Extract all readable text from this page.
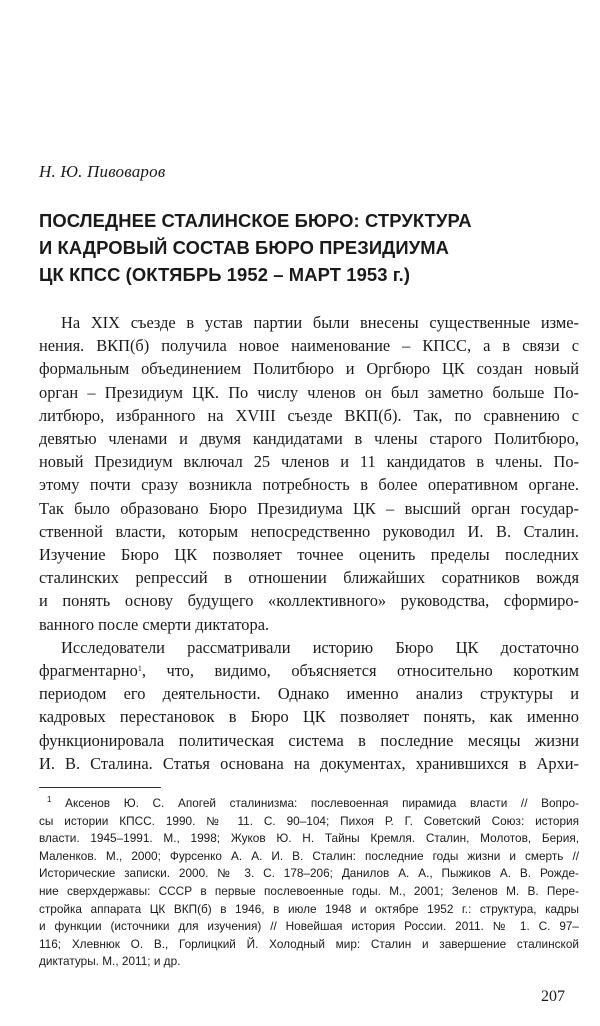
Н. Ю. Пивоваров
ПОСЛЕДНЕЕ СТАЛИНСКОЕ БЮРО: СТРУКТУРА
И КАДРОВЫЙ СОСТАВ БЮРО ПРЕЗИДИУМА
ЦК КПСС (ОКТЯБРЬ 1952 – МАРТ 1953 г.)
На XIX съезде в устав партии были внесены существенные изме-
нения. ВКП(б) получила новое наименование – КПСС, а в связи с
формальным объединением Политбюро и Оргбюро ЦК создан новый
орган – Президиум ЦК. По числу членов он был заметно больше По-
литбюро, избранного на XVIII съезде ВКП(б). Так, по сравнению с
девятью членами и двумя кандидатами в члены старого Политбюро,
новый Президиум включал 25 членов и 11 кандидатов в члены. По-
этому почти сразу возникла потребность в более оперативном органе.
Так было образовано Бюро Президиума ЦК – высший орган государ-
ственной власти, которым непосредственно руководил И. В. Сталин.
Изучение Бюро ЦК позволяет точнее оценить пределы последних
сталинских репрессий в отношении ближайших соратников вождя
и понять основу будущего «коллективного» руководства, сформиро-
ванного после смерти диктатора.
Исследователи рассматривали историю Бюро ЦК достаточно
фрагментарно$^1$, что, видимо, объясняется относительно коротким
периодом его деятельности. Однако именно анализ структуры и
кадровых перестановок в Бюро ЦК позволяет понять, как именно
функционировала политическая система в последние месяцы жизни
И. В. Сталина. Статья основана на документах, хранившихся в Архи-
$^1$ Аксенов Ю. С. Апогей сталинизма: послевоенная пирамида власти // Вопро-
сы истории КПСС. 1990. № 11. С. 90–104; Пихоя Р. Г. Советский Союз: история
власти. 1945–1991. М., 1998; Жуков Ю. Н. Тайны Кремля. Сталин, Молотов, Берия,
Маленков. М., 2000; Фурсенко А. А. И. В. Сталин: последние годы жизни и смерть //
Исторические записки. 2000. № 3. С. 178–206; Данилов А. А., Пыжиков А. В. Рожде-
ние сверхдержавы: СССР в первые послевоенные годы. М., 2001; Зеленов М. В. Пере-
стройка аппарата ЦК ВКП(б) в 1946, в июле 1948 и октябре 1952 г.: структура, кадры
и функции (источники для изучения) // Новейшая история России. 2011. № 1. С. 97–
116; Хлевнюк О. В., Горлицкий Й. Холодный мир: Сталин и завершение сталинской
диктатуры. М., 2011; и др.
207
